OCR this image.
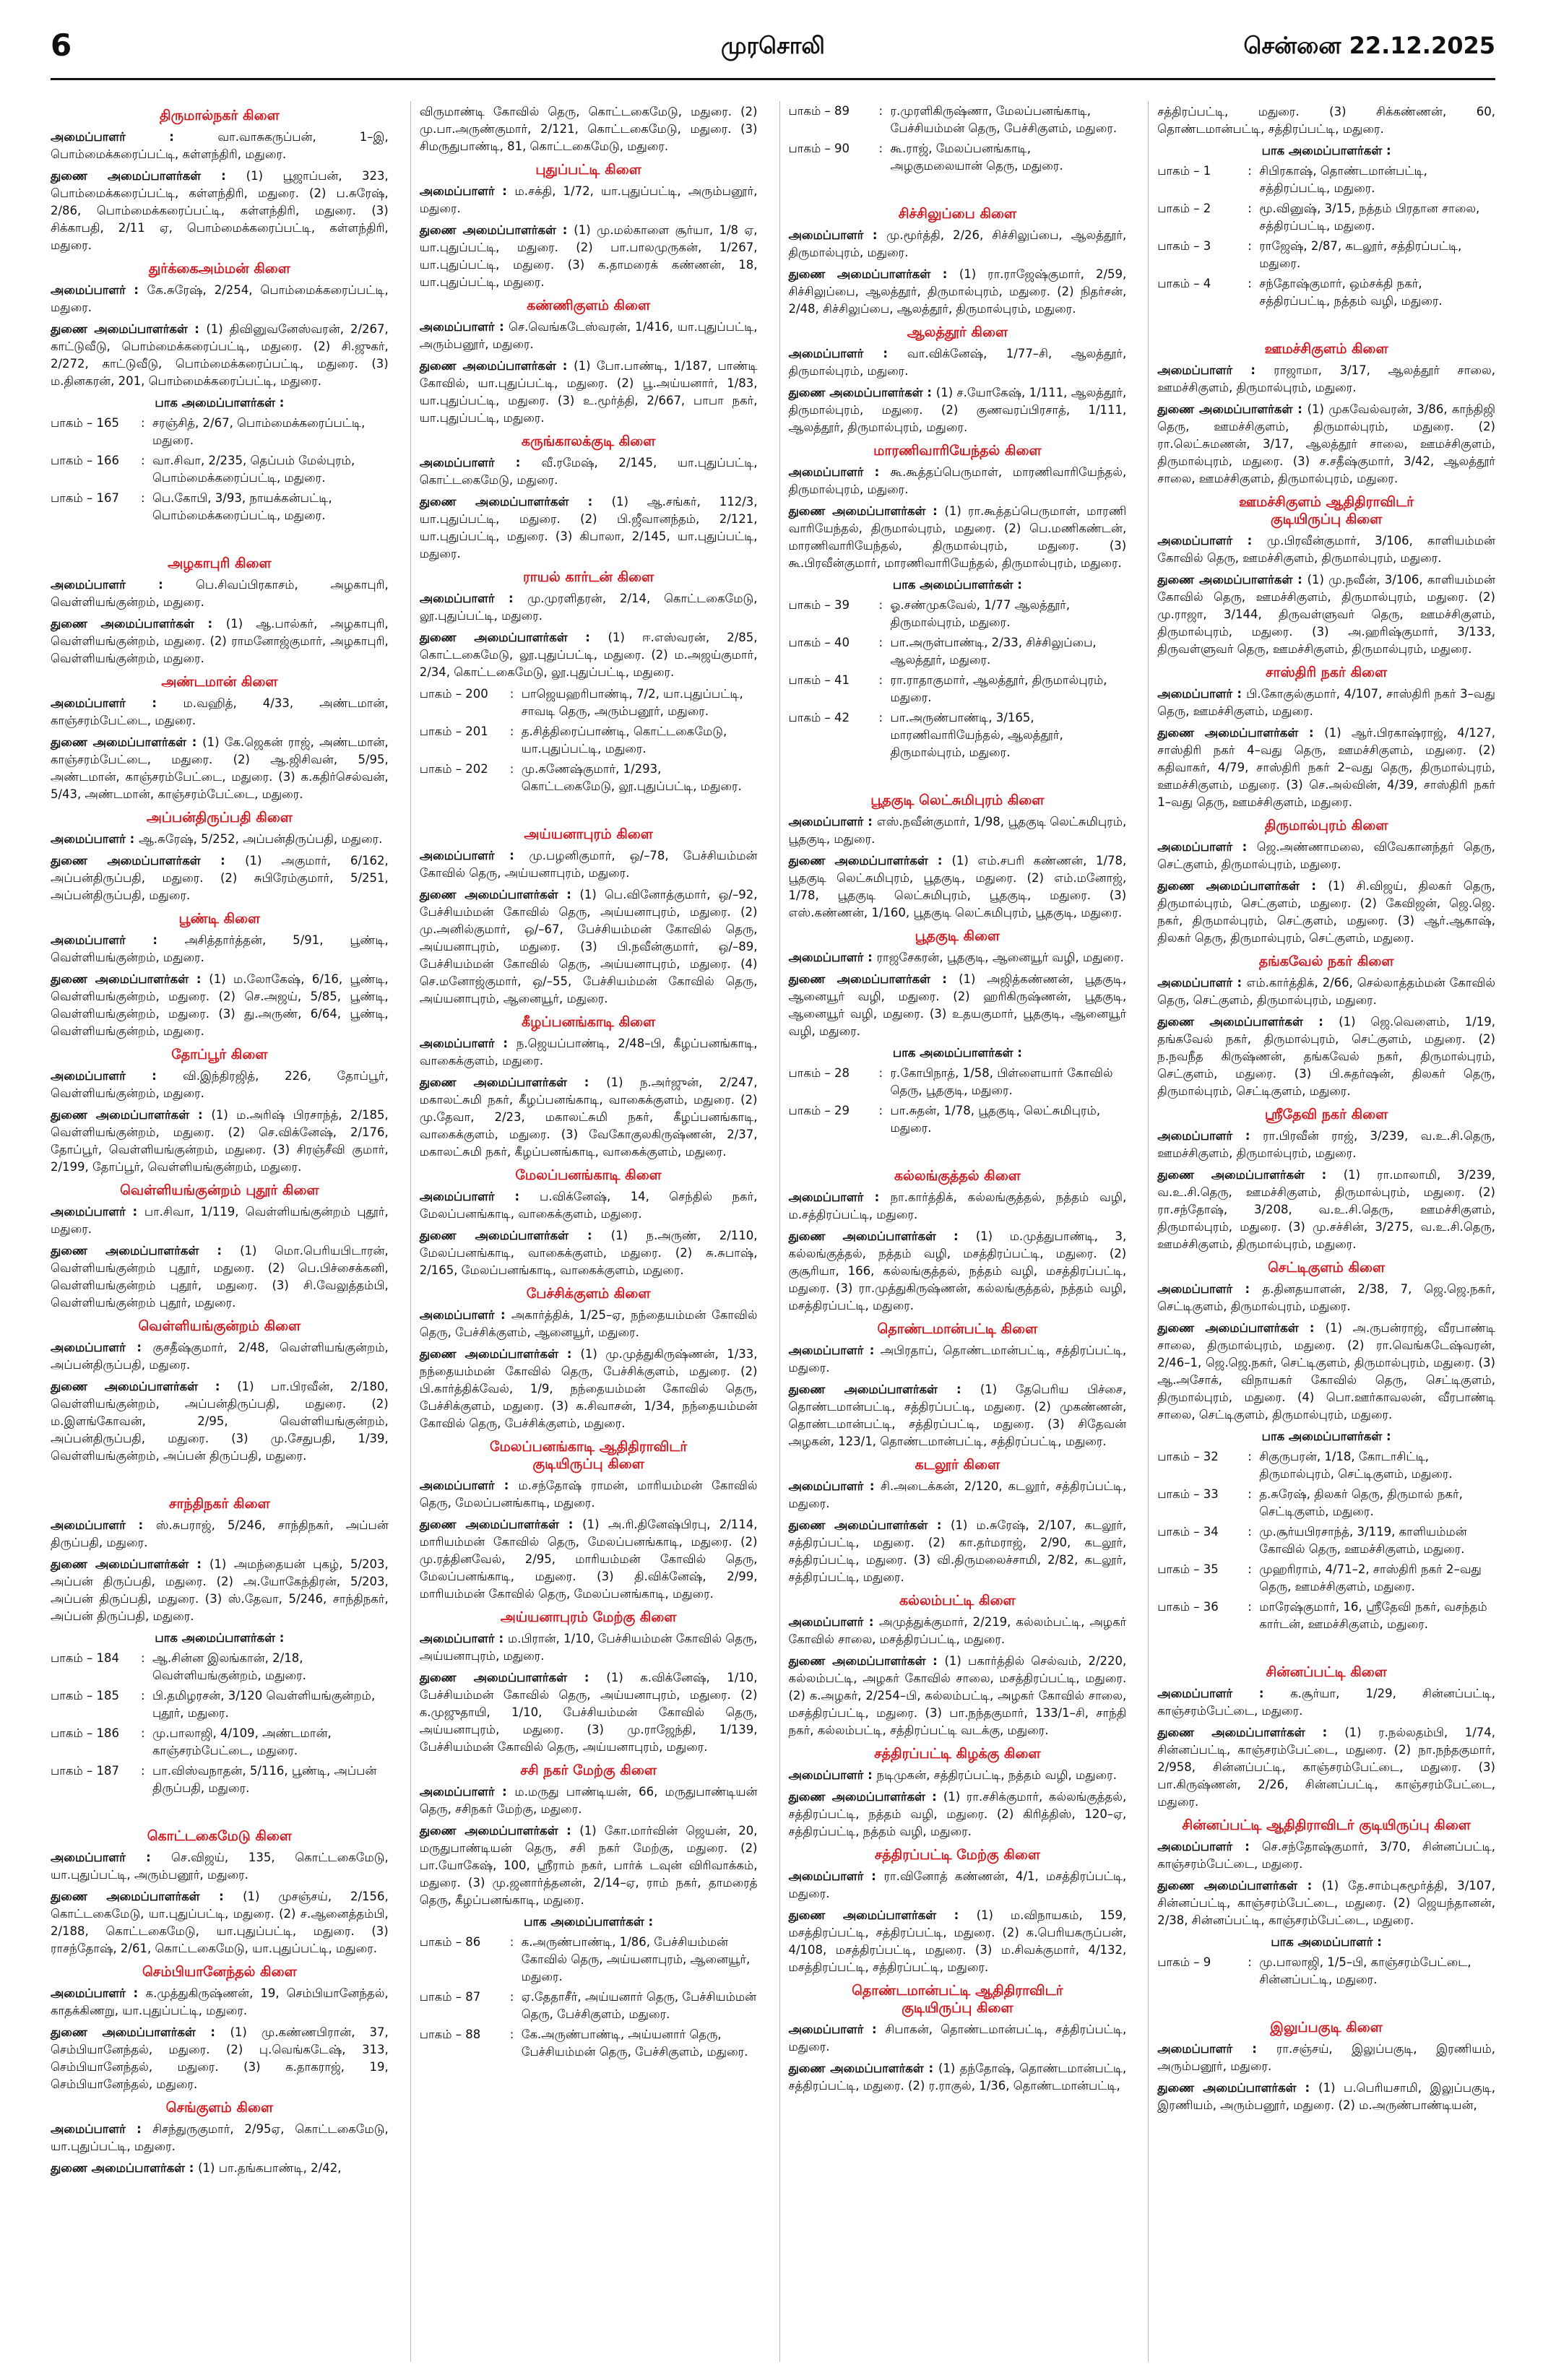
6	முரசொலி	சென்னை 22.12.2025
திருமால்நகர் கிளை
அமைப்பாளர் : வா.வாசுகருப்பன், 1–இ, பொம்மைக்கரைப்பட்டி, கள்ளந்திரி, மதுரை.
துணை அமைப்பாளர்கள் : (1) பூஜாப்பன், 323, பொம்மைக்கரைப்பட்டி, கள்ளந்திரி, மதுரை. (2) ப.சுரேஷ், 2/86, பொம்மைக்கரைப்பட்டி, கள்ளந்திரி, மதுரை. (3) சிக்காபதி, 2/11 ஏ, பொம்மைக்கரைப்பட்டி, கள்ளந்திரி, மதுரை.
துர்க்கைஅம்மன் கிளை
அமைப்பாளர் : கே.சுரேஷ், 2/254, பொம்மைக்கரைப்பட்டி, மதுரை.
துணை அமைப்பாளர்கள் : (1) திவினுவனேஸ்வரன், 2/267, காட்டுவீடு, பொம்மைக்கரைப்பட்டி, மதுரை. (2) சி.ஜுகர், 2/272, காட்டுவீடு, பொம்மைக்கரைப்பட்டி, மதுரை. (3) ம.தினகரன், 201, பொம்மைக்கரைப்பட்டி, மதுரை.
பாக அமைப்பாளர்கள் :
பாகம் – 165	: சரஞ்சித், 2/67, பொம்மைக்கரைப்பட்டி, மதுரை.
பாகம் – 166	: வா.சிவா, 2/235, தெப்பம் மேல்புரம், பொம்மைக்கரைப்பட்டி, மதுரை.
பாகம் – 167	: பெ.கோபி, 3/93, நாயக்கன்பட்டி, பொம்மைக்கரைப்பட்டி, மதுரை.
அழகாபுரி கிளை
அமைப்பாளர் : பெ.சிவப்பிரகாசம், அழகாபுரி, வெள்ளியங்குன்றம், மதுரை.
துணை அமைப்பாளர்கள் : (1) ஆ.பால்கர், அழகாபுரி, வெள்ளியங்குன்றம், மதுரை. (2) ராமனோஜ்குமார், அழகாபுரி, வெள்ளியங்குன்றம், மதுரை.
அண்டமான் கிளை
அமைப்பாளர் : ம.வஹித், 4/33, அண்டமான், காஞ்சரம்பேட்டை, மதுரை.
துணை அமைப்பாளர்கள் : (1) கே.ஜெகன் ராஜ், அண்டமான், காஞ்சரம்பேட்டை, மதுரை. (2) ஆ.ஜிசிவன், 5/95, அண்டமான், காஞ்சரம்பேட்டை, மதுரை. (3) க.கதிர்செல்வன், 5/43, அண்டமான், காஞ்சரம்பேட்டை, மதுரை.
அப்பன்திருப்பதி கிளை
அமைப்பாளர் : ஆ.சுரேஷ், 5/252, அப்பன்திருப்பதி, மதுரை.
துணை அமைப்பாளர்கள் : (1) அகுமார், 6/162, அப்பன்திருப்பதி, மதுரை. (2) சுபிரேம்குமார், 5/251, அப்பன்திருப்பதி, மதுரை.
பூண்டி கிளை
அமைப்பாளர் : அசித்தார்த்தன், 5/91, பூண்டி, வெள்ளியங்குன்றம், மதுரை.
துணை அமைப்பாளர்கள் : (1) ம.லோகேஷ், 6/16, பூண்டி, வெள்ளியங்குன்றம், மதுரை. (2) செ.அஜய், 5/85, பூண்டி, வெள்ளியங்குன்றம், மதுரை. (3) து.அருண், 6/64, பூண்டி, வெள்ளியங்குன்றம், மதுரை.
தோப்பூர் கிளை
அமைப்பாளர் : வி.இந்திரஜித், 226, தோப்பூர், வெள்ளியங்குன்றம், மதுரை.
துணை அமைப்பாளர்கள் : (1) ம.அரிஷ் பிரசாந்த், 2/185, வெள்ளியங்குன்றம், மதுரை. (2) செ.விக்னேஷ், 2/176, தோப்பூர், வெள்ளியங்குன்றம், மதுரை. (3) சிரஞ்சீவி குமார், 2/199, தோப்பூர், வெள்ளியங்குன்றம், மதுரை.
வெள்ளியங்குன்றம் புதூர் கிளை
அமைப்பாளர் : பா.சிவா, 1/119, வெள்ளியங்குன்றம் புதூர், மதுரை.
துணை அமைப்பாளர்கள் : (1) மொ.பெரியபிடாரன், வெள்ளியங்குன்றம் புதூர், மதுரை. (2) பெ.பிச்சைக்கனி, வெள்ளியங்குன்றம் புதூர், மதுரை. (3) சி.வேலுத்தம்பி, வெள்ளியங்குன்றம் புதூர், மதுரை.
வெள்ளியங்குன்றம் கிளை
அமைப்பாளர் : குசதீஷ்குமார், 2/48, வெள்ளியங்குன்றம், அப்பன்திருப்பதி, மதுரை.
துணை அமைப்பாளர்கள் : (1) பா.பிரவீன், 2/180, வெள்ளியங்குன்றம், அப்பன்திருப்பதி, மதுரை. (2) ம.இளங்கோவன், 2/95, வெள்ளியங்குன்றம், அப்பன்திருப்பதி, மதுரை. (3) மு.சேதுபதி, 1/39, வெள்ளியங்குன்றம், அப்பன் திருப்பதி, மதுரை.
சாந்திநகர் கிளை
அமைப்பாளர் : ஸ்.சுபராஜ், 5/246, சாந்திநகர், அப்பன் திருப்பதி, மதுரை.
துணை அமைப்பாளர்கள் : (1) அமந்தையன் புகழ், 5/203, அப்பன் திருப்பதி, மதுரை. (2) அ.யோகேந்திரன், 5/203, அப்பன் திருப்பதி, மதுரை. (3) ஸ்.தேவா, 5/246, சாந்திநகர், அப்பன் திருப்பதி, மதுரை.
பாக அமைப்பாளர்கள் :
பாகம் – 184	: ஆ.சின்ன இலங்கான், 2/18, வெள்ளியங்குன்றம், மதுரை.
பாகம் – 185	: பி.தமிழரசன், 3/120 வெள்ளியங்குன்றம், புதூர், மதுரை.
பாகம் – 186	: மு.பாலாஜி, 4/109, அண்டமான், காஞ்சரம்பேட்டை, மதுரை.
பாகம் – 187	: பா.விஸ்வநாதன், 5/116, பூண்டி, அப்பன் திருப்பதி, மதுரை.
கொட்டகைமேடு கிளை
அமைப்பாளர் : செ.விஜய், 135, கொட்டகைமேடு, யா.புதுப்பட்டி, அரும்பனூர், மதுரை.
துணை அமைப்பாளர்கள் : (1) முசஞ்சய், 2/156, கொட்டகைமேடு, யா.புதுப்பட்டி, மதுரை. (2) ச.ஆனைத்தம்பி, 2/188, கொட்டகைமேடு, யா.புதுப்பட்டி, மதுரை. (3) ராசந்தோஷ், 2/61, கொட்டகைமேடு, யா.புதுப்பட்டி, மதுரை.
செம்பியானேந்தல் கிளை
அமைப்பாளர் : க.முத்துகிருஷ்ணன், 19, செம்பியானேந்தல், காதக்கிணறு, யா.புதுப்பட்டி, மதுரை.
துணை அமைப்பாளர்கள் : (1) மு.கண்ணபிரான், 37, செம்பியானேந்தல், மதுரை. (2) பு.வெங்கடேஷ், 313, செம்பியானேந்தல், மதுரை. (3) க.தாகராஜ், 19, செம்பியானேந்தல், மதுரை.
செங்குளம் கிளை
அமைப்பாளர் : சிசந்துருகுமார், 2/95ஏ, கொட்டகைமேடு, யா.புதுப்பட்டி, மதுரை.
துணை அமைப்பாளர்கள் : (1) பா.தங்கபாண்டி, 2/42,
விருமாண்டி கோவில் தெரு, கொட்டகைமேடு, மதுரை. (2) மு.பா.அருண்குமார், 2/121, கொட்டகைமேடு, மதுரை. (3) சிமருதுபாண்டி, 81, கொட்டகைமேடு, மதுரை.
புதுப்பட்டி கிளை
அமைப்பாளர் : ம.சக்தி, 1/72, யா.புதுப்பட்டி, அரும்பனூர், மதுரை.
துணை அமைப்பாளர்கள் : (1) மு.மல்காளை சூர்யா, 1/8 ஏ, யா.புதுப்பட்டி, மதுரை. (2) பா.பாலமுருகன், 1/267, யா.புதுப்பட்டி, மதுரை. (3) க.தாமரைக் கண்ணன், 18, யா.புதுப்பட்டி, மதுரை.
கண்ணிகுளம் கிளை
அமைப்பாளர் : செ.வெங்கடேஸ்வரன், 1/416, யா.புதுப்பட்டி, அரும்பனூர், மதுரை.
துணை அமைப்பாளர்கள் : (1) போ.பாண்டி, 1/187, பாண்டி கோவில், யா.புதுப்பட்டி, மதுரை. (2) பூ.அய்யனார், 1/83, யா.புதுப்பட்டி, மதுரை. (3) உ.மூர்த்தி, 2/667, பாபா நகர், யா.புதுப்பட்டி, மதுரை.
கருங்காலக்குடி கிளை
அமைப்பாளர் : வீ.ரமேஷ், 2/145, யா.புதுப்பட்டி, கொட்டகைமேடு, மதுரை.
துணை அமைப்பாளர்கள் : (1) ஆ.சங்கர், 112/3, யா.புதுப்பட்டி, மதுரை. (2) பி.ஜீவானந்தம், 2/121, யா.புதுப்பட்டி, மதுரை. (3) கிபாலா, 2/145, யா.புதுப்பட்டி, மதுரை.
ராயல் கார்டன் கிளை
அமைப்பாளர் : மு.முரளிதரன், 2/14, கொட்டகைமேடு, லூ.புதுப்பட்டி, மதுரை.
துணை அமைப்பாளர்கள் : (1) ஈ.எஸ்வரன், 2/85, கொட்டகைமேடு, லூ.புதுப்பட்டி, மதுரை. (2) ம.அஜய்குமார், 2/34, கொட்டகைமேடு, லூ.புதுப்பட்டி, மதுரை.
பாகம் – 200	: பாஜெயஹரிபாண்டி, 7/2, யா.புதுப்பட்டி, சாவடி தெரு, அரும்பனூர், மதுரை.
பாகம் – 201	: த.சித்திரைப்பாண்டி, கொட்டகைமேடு, யா.புதுப்பட்டி, மதுரை.
பாகம் – 202	: மு.கணேஷ்குமார், 1/293, கொட்டகைமேடு, லூ.புதுப்பட்டி, மதுரை.
அய்யனாபுரம் கிளை
அமைப்பாளர் : மு.பழனிகுமார், ஒ/–78, பேச்சியம்மன் கோவில் தெரு, அய்யனாபுரம், மதுரை.
துணை அமைப்பாளர்கள் : (1) பெ.வினோத்குமார், ஒ/–92, பேச்சியம்மன் கோவில் தெரு, அய்யனாபுரம், மதுரை. (2) மு.அனில்குமார், ஒ/–67, பேச்சியம்மன் கோவில் தெரு, அய்யனாபுரம், மதுரை. (3) பி.நவீன்குமார், ஒ/–89, பேச்சியம்மன் கோவில் தெரு, அய்யனாபுரம், மதுரை. (4) செ.மனோஜ்குமார், ஒ/–55, பேச்சியம்மன் கோவில் தெரு, அய்யனாபுரம், ஆனையூர், மதுரை.
கீழப்பனங்காடி கிளை
அமைப்பாளர் : ந.ஜெயப்பாண்டி, 2/48–பி, கீழப்பனங்காடி, வாகைக்குளம், மதுரை.
துணை அமைப்பாளர்கள் : (1) ந.அர்ஜுன், 2/247, மகாலட்சுமி நகர், கீழப்பனங்காடி, வாகைக்குளம், மதுரை. (2) மு.தேவா, 2/23, மகாலட்சுமி நகர், கீழப்பனங்காடி, வாகைக்குளம், மதுரை. (3) வேகோகுலகிருஷ்ணன், 2/37, மகாலட்சுமி நகர், கீழப்பனங்காடி, வாகைக்குளம், மதுரை.
மேலப்பனங்காடி கிளை
அமைப்பாளர் : ப.விக்னேஷ், 14, செந்தில் நகர், மேலப்பனங்காடி, வாகைக்குளம், மதுரை.
துணை அமைப்பாளர்கள் : (1) ந.அருண், 2/110, மேலப்பனங்காடி, வாகைக்குளம், மதுரை. (2) சு.சுபாஷ், 2/165, மேலப்பனங்காடி, வாகைக்குளம், மதுரை.
பேச்சிக்குளம் கிளை
அமைப்பாளர் : அகார்த்திக், 1/25–ஏ, நந்தையம்மன் கோவில் தெரு, பேச்சிக்குளம், ஆனையூர், மதுரை.
துணை அமைப்பாளர்கள் : (1) மு.முத்துகிருஷ்ணன், 1/33, நந்தையம்மன் கோவில் தெரு, பேச்சிக்குளம், மதுரை. (2) பி.கார்த்திக்வேல், 1/9, நந்தையம்மன் கோவில் தெரு, பேச்சிக்குளம், மதுரை. (3) க.சிவாசன், 1/34, நந்தையம்மன் கோவில் தெரு, பேச்சிக்குளம், மதுரை.
மேலப்பனங்காடி ஆதிதிராவிடர்
குடியிருப்பு கிளை
அமைப்பாளர் : ம.சந்தோஷ் ராமன், மாரியம்மன் கோவில் தெரு, மேலப்பனங்காடி, மதுரை.
துணை அமைப்பாளர்கள் : (1) அ.ரி.தினேஷ்பிரபு, 2/114, மாரியம்மன் கோவில் தெரு, மேலப்பனங்காடி, மதுரை. (2) மு.ரத்தினவேல், 2/95, மாரியம்மன் கோவில் தெரு, மேலப்பனங்காடி, மதுரை. (3) தி.விக்னேஷ், 2/99, மாரியம்மன் கோவில் தெரு, மேலப்பனங்காடி, மதுரை.
அய்யனாபுரம் மேற்கு கிளை
அமைப்பாளர் : ம.பிரான், 1/10, பேச்சியம்மன் கோவில் தெரு, அய்யனாபுரம், மதுரை.
துணை அமைப்பாளர்கள் : (1) க.விக்னேஷ், 1/10, பேச்சியம்மன் கோவில் தெரு, அய்யனாபுரம், மதுரை. (2) க.முஜுதாயி, 1/10, பேச்சியம்மன் கோவில் தெரு, அய்யனாபுரம், மதுரை. (3) மு.ராஜேந்தி, 1/139, பேச்சியம்மன் கோவில் தெரு, அய்யனாபுரம், மதுரை.
சசி நகர் மேற்கு கிளை
அமைப்பாளர் : ம.மருது பாண்டியன், 66, மருதுபாண்டியன் தெரு, சசிநகர் மேற்கு, மதுரை.
துணை அமைப்பாளர்கள் : (1) கோ.மார்வின் ஜெயன், 20, மருதுபாண்டியன் தெரு, சசி நகர் மேற்கு, மதுரை. (2) பா.யோகேஷ், 100, ஸ்ரீராம் நகர், பார்க் டவுன் விரிவாக்கம், மதுரை. (3) மு.ஜனார்த்தனன், 2/14–ஏ, ராம் நகர், தாமரைத் தெரு, கீழப்பனங்காடி, மதுரை.
பாக அமைப்பாளர்கள் :
பாகம் – 86	: க.அருண்பாண்டி, 1/86, பேச்சியம்மன் கோவில் தெரு, அய்யனாபுரம், ஆனையூர், மதுரை.
பாகம் – 87	: ஏ.தேதாசீர், அய்யனார் தெரு, பேச்சியம்மன் தெரு, பேச்சிகுளம், மதுரை.
பாகம் – 88	: கே.அருண்பாண்டி, அய்யனார் தெரு, பேச்சியம்மன் தெரு, பேச்சிகுளம், மதுரை.
பாகம் – 89	: ர.முரளிகிருஷ்ணா, மேலப்பனங்காடி, பேச்சியம்மன் தெரு, பேச்சிகுளம், மதுரை.
பாகம் – 90	: கூ.ராஜ், மேலப்பனங்காடி, அழகுமலையான் தெரு, மதுரை.
சிச்சிலுப்பை கிளை
அமைப்பாளர் : மு.மூர்த்தி, 2/26, சிச்சிலுப்பை, ஆலத்தூர், திருமால்புரம், மதுரை.
துணை அமைப்பாளர்கள் : (1) ரா.ராஜேஷ்குமார், 2/59, சிச்சிலுப்பை, ஆலத்தூர், திருமால்புரம், மதுரை. (2) நிதர்சன், 2/48, சிச்சிலுப்பை, ஆலத்தூர், திருமால்புரம், மதுரை.
ஆலத்தூர் கிளை
அமைப்பாளர் : வா.விக்னேஷ், 1/77–சி, ஆலத்தூர், திருமால்புரம், மதுரை.
துணை அமைப்பாளர்கள் : (1) ச.யோகேஷ், 1/111, ஆலத்தூர், திருமால்புரம், மதுரை. (2) குணவரப்பிரசாத், 1/111, ஆலத்தூர், திருமால்புரம், மதுரை.
மாரணிவாரியேந்தல் கிளை
அமைப்பாளர் : கூ.கூத்தப்பெருமாள், மாரணிவாரியேந்தல், திருமால்புரம், மதுரை.
துணை அமைப்பாளர்கள் : (1) ரா.கூத்தப்பெருமாள், மாரணி வாரியேந்தல், திருமால்புரம், மதுரை. (2) பெ.மணிகண்டன், மாரணிவாரியேந்தல், திருமால்புரம், மதுரை. (3) கூ.பிரவீன்குமார், மாரணிவாரியேந்தல், திருமால்புரம், மதுரை.
பாக அமைப்பாளர்கள் :
பாகம் – 39	: ஓ.சண்முகவேல், 1/77 ஆலத்தூர், திருமால்புரம், மதுரை.
பாகம் – 40	: பா.அருள்பாண்டி, 2/33, சிச்சிலுப்பை, ஆலத்தூர், மதுரை.
பாகம் – 41	: ரா.ராதாகுமார், ஆலத்தூர், திருமால்புரம், மதுரை.
பாகம் – 42	: பா.அருண்பாண்டி, 3/165, மாரணிவாரியேந்தல், ஆலத்தூர், திருமால்புரம், மதுரை.
பூதகுடி லெட்சுமிபுரம் கிளை
அமைப்பாளர் : எஸ்.நவீன்குமார், 1/98, பூதகுடி லெட்சுமிபுரம், பூதகுடி, மதுரை.
துணை அமைப்பாளர்கள் : (1) எம்.சபரி கண்ணன், 1/78, பூதகுடி லெட்சுமிபுரம், பூதகுடி, மதுரை. (2) எம்.மனோஜ், 1/78, பூதகுடி லெட்சுமிபுரம், பூதகுடி, மதுரை. (3) எஸ்.கண்ணன், 1/160, பூதகுடி லெட்சுமிபுரம், பூதகுடி, மதுரை.
பூதகுடி கிளை
அமைப்பாளர் : ராஜசேகரன், பூதகுடி, ஆனையூர் வழி, மதுரை.
துணை அமைப்பாளர்கள் : (1) அஜித்கண்ணன், பூதகுடி, ஆனையூர் வழி, மதுரை. (2) ஹரிகிருஷ்ணன், பூதகுடி, ஆனையூர் வழி, மதுரை. (3) உதயகுமார், பூதகுடி, ஆனையூர் வழி, மதுரை.
பாக அமைப்பாளர்கள் :
பாகம் – 28	: ர.கோபிநாத், 1/58, பிள்ளையார் கோவில் தெரு, பூதகுடி, மதுரை.
பாகம் – 29	: பா.சுதன், 1/78, பூதகுடி, லெட்சுமிபுரம், மதுரை.
கல்லங்குத்தல் கிளை
அமைப்பாளர் : நா.கார்த்திக், கல்லங்குத்தல், நத்தம் வழி, ம.சத்திரப்பட்டி, மதுரை.
துணை அமைப்பாளர்கள் : (1) ம.முத்துபாண்டி, 3, கல்லங்குத்தல், நத்தம் வழி, மசத்திரப்பட்டி, மதுரை. (2) குசூரியா, 166, கல்லங்குத்தல், நத்தம் வழி, மசத்திரப்பட்டி, மதுரை. (3) ரா.முத்துகிருஷ்ணன், கல்லங்குத்தல், நத்தம் வழி, மசத்திரப்பட்டி, மதுரை.
தொண்டமான்பட்டி கிளை
அமைப்பாளர் : அபிரதாப், தொண்டமான்பட்டி, சத்திரப்பட்டி, மதுரை.
துணை அமைப்பாளர்கள் : (1) தேபெரிய பிச்சை, தொண்டமான்பட்டி, சத்திரப்பட்டி, மதுரை. (2) முகண்ணன், தொண்டமான்பட்டி, சத்திரப்பட்டி, மதுரை. (3) சிதேவன் அழகன், 123/1, தொண்டமான்பட்டி, சத்திரப்பட்டி, மதுரை.
கடலூர் கிளை
அமைப்பாளர் : சி.அடைக்கன், 2/120, கடலூர், சத்திரப்பட்டி, மதுரை.
துணை அமைப்பாளர்கள் : (1) ம.சுரேஷ், 2/107, கடலூர், சத்திரப்பட்டி, மதுரை. (2) கா.தர்மராஜ், 2/90, கடலூர், சத்திரப்பட்டி, மதுரை. (3) வி.திருமலைச்சாமி, 2/82, கடலூர், சத்திரப்பட்டி, மதுரை.
கல்லம்பட்டி கிளை
அமைப்பாளர் : அமுத்துக்குமார், 2/219, கல்லம்பட்டி, அழகர் கோவில் சாலை, மசத்திரப்பட்டி, மதுரை.
துணை அமைப்பாளர்கள் : (1) பகார்த்தில் செல்வம், 2/220, கல்லம்பட்டி, அழகர் கோவில் சாலை, மசத்திரப்பட்டி, மதுரை. (2) க.அழகர், 2/254–பி, கல்லம்பட்டி, அழகர் கோவில் சாலை, மசத்திரப்பட்டி, மதுரை. (3) பா.நந்தகுமார், 133/1–சி, சாந்தி நகர், கல்லம்பட்டி, சத்திரப்பட்டி வடக்கு, மதுரை.
சத்திரப்பட்டி கிழக்கு கிளை
அமைப்பாளர் : நடிமுகன், சத்திரப்பட்டி, நத்தம் வழி, மதுரை.
துணை அமைப்பாளர்கள் : (1) ரா.சசிக்குமார், கல்லங்குத்தல், சத்திரப்பட்டி, நத்தம் வழி, மதுரை. (2) கிரித்திஸ், 120–ஏ, சத்திரப்பட்டி, நத்தம் வழி, மதுரை.
சத்திரப்பட்டி மேற்கு கிளை
அமைப்பாளர் : ரா.வினோத் கண்ணன், 4/1, மசத்திரப்பட்டி, மதுரை.
துணை அமைப்பாளர்கள் : (1) ம.விநாயகம், 159, மசத்திரப்பட்டி, சத்திரப்பட்டி, மதுரை. (2) க.பெரியகருப்பன், 4/108, மசத்திரப்பட்டி, மதுரை. (3) ம.சிவக்குமார், 4/132, மசத்திரப்பட்டி, சத்திரப்பட்டி, மதுரை.
தொண்டமான்பட்டி ஆதிதிராவிடர்
குடியிருப்பு கிளை
அமைப்பாளர் : சிபாகன், தொண்டமான்பட்டி, சத்திரப்பட்டி, மதுரை.
துணை அமைப்பாளர்கள் : (1) தந்தோஷ், தொண்டமான்பட்டி, சத்திரப்பட்டி, மதுரை. (2) ர.ராகுல், 1/36, தொண்டமான்பட்டி,
சத்திரப்பட்டி, மதுரை. (3) சிக்கண்ணன், 60, தொண்டமான்பட்டி, சத்திரப்பட்டி, மதுரை.
பாக அமைப்பாளர்கள் :
பாகம் – 1	: சிபிரகாஷ், தொண்டமான்பட்டி, சத்திரப்பட்டி, மதுரை.
பாகம் – 2	: மூ.வினுஷ், 3/15, நத்தம் பிரதான சாலை, சத்திரப்பட்டி, மதுரை.
பாகம் – 3	: ராஜேஷ், 2/87, கடலூர், சத்திரப்பட்டி, மதுரை.
பாகம் – 4	: சந்தோஷ்குமார், ஒம்சக்தி நகர், சத்திரப்பட்டி, நத்தம் வழி, மதுரை.
ஊமச்சிகுளம் கிளை
அமைப்பாளர் : ராஜாமா, 3/17, ஆலத்தூர் சாலை, ஊமச்சிகுளம், திருமால்புரம், மதுரை.
துணை அமைப்பாளர்கள் : (1) முகவேல்வரன், 3/86, காந்திஜி தெரு, ஊமச்சிகுளம், திருமால்புரம், மதுரை. (2) ரா.லெட்சுமணன், 3/17, ஆலத்தூர் சாலை, ஊமச்சிகுளம், திருமால்புரம், மதுரை. (3) ச.சதீஷ்குமார், 3/42, ஆலத்தூர் சாலை, ஊமச்சிகுளம், திருமால்புரம், மதுரை.
ஊமச்சிகுளம் ஆதிதிராவிடர்
குடியிருப்பு கிளை
அமைப்பாளர் : மு.பிரவீன்குமார், 3/106, காளியம்மன் கோவில் தெரு, ஊமச்சிகுளம், திருமால்புரம், மதுரை.
துணை அமைப்பாளர்கள் : (1) மு.நவீன், 3/106, காளியம்மன் கோவில் தெரு, ஊமச்சிகுளம், திருமால்புரம், மதுரை. (2) மு.ராஜா, 3/144, திருவள்ளுவர் தெரு, ஊமச்சிகுளம், திருமால்புரம், மதுரை. (3) அ.ஹரிஷ்குமார், 3/133, திருவள்ளுவர் தெரு, ஊமச்சிகுளம், திருமால்புரம், மதுரை.
சாஸ்திரி நகர் கிளை
அமைப்பாளர் : பி.கோகுல்குமார், 4/107, சாஸ்திரி நகர் 3–வது தெரு, ஊமச்சிகுளம், மதுரை.
துணை அமைப்பாளர்கள் : (1) ஆர்.பிரகாஷ்ராஜ், 4/127, சாஸ்திரி நகர் 4–வது தெரு, ஊமச்சிகுளம், மதுரை. (2) கதிவாகர், 4/79, சாஸ்திரி நகர் 2–வது தெரு, திருமால்புரம், ஊமச்சிகுளம், மதுரை. (3) செ.அல்வின், 4/39, சாஸ்திரி நகர் 1–வது தெரு, ஊமச்சிகுளம், மதுரை.
திருமால்புரம் கிளை
அமைப்பாளர் : ஜெ.அண்ணாமலை, விவேகானந்தர் தெரு, செட்குளம், திருமால்புரம், மதுரை.
துணை அமைப்பாளர்கள் : (1) சி.விஜய், திலகர் தெரு, திருமால்புரம், செட்குளம், மதுரை. (2) கேவிஜன், ஜெ.ஜெ. நகர், திருமால்புரம், செட்குளம், மதுரை. (3) ஆர்.ஆகாஷ், திலகர் தெரு, திருமால்புரம், செட்குளம், மதுரை.
தங்கவேல் நகர் கிளை
அமைப்பாளர் : எம்.கார்த்திக், 2/66, செல்லாத்தம்மன் கோவில் தெரு, செட்குளம், திருமால்புரம், மதுரை.
துணை அமைப்பாளர்கள் : (1) ஜெ.வெளைம், 1/19, தங்கவேல் நகர், திருமால்புரம், செட்குளம், மதுரை. (2) ந.நவநீத கிருஷ்ணன், தங்கவேல் நகர், திருமால்புரம், செட்குளம், மதுரை. (3) பி.சுதர்ஷன், திலகர் தெரு, திருமால்புரம், செட்டிகுளம், மதுரை.
ஸ்ரீதேவி நகர் கிளை
அமைப்பாளர் : ரா.பிரவீன் ராஜ், 3/239, வ.உ.சி.தெரு, ஊமச்சிகுளம், திருமால்புரம், மதுரை.
துணை அமைப்பாளர்கள் : (1) ரா.மாலாமி, 3/239, வ.உ.சி.தெரு, ஊமச்சிகுளம், திருமால்புரம், மதுரை. (2) ரா.சந்தோஷ், 3/208, வ.உ.சி.தெரு, ஊமச்சிகுளம், திருமால்புரம், மதுரை. (3) மு.சச்சின், 3/275, வ.உ.சி.தெரு, ஊமச்சிகுளம், திருமால்புரம், மதுரை.
செட்டிகுளம் கிளை
அமைப்பாளர் : த.தினதயாளன், 2/38, 7, ஜெ.ஜெ.நகர், செட்டிகுளம், திருமால்புரம், மதுரை.
துணை அமைப்பாளர்கள் : (1) அ.ருபன்ராஜ், வீரபாண்டி சாலை, திருமால்புரம், மதுரை. (2) ரா.வெங்கடேஷ்வரன், 2/46–1, ஜெ.ஜெ.நகர், செட்டிகுளம், திருமால்புரம், மதுரை. (3) ஆ.அசோக், விநாயகர் கோவில் தெரு, செட்டிகுளம், திருமால்புரம், மதுரை. (4) பொ.ஊர்காவலன், வீரபாண்டி சாலை, செட்டிகுளம், திருமால்புரம், மதுரை.
பாக அமைப்பாளர்கள் :
பாகம் – 32	: சிகுருபரன், 1/18, கோடாசிட்டி, திருமால்புரம், செட்டிகுளம், மதுரை.
பாகம் – 33	: த.சுரேஷ், திலகர் தெரு, திருமால் நகர், செட்டிகுளம், மதுரை.
பாகம் – 34	: மு.சூர்யபிரசாந்த், 3/119, காளியம்மன் கோவில் தெரு, ஊமச்சிகுளம், மதுரை.
பாகம் – 35	: முஹரிராம், 4/71–2, சாஸ்திரி நகர் 2–வது தெரு, ஊமச்சிகுளம், மதுரை.
பாகம் – 36	: மாரேஷ்குமார், 16, ஸ்ரீதேவி நகர், வசந்தம் கார்டன், ஊமச்சிகுளம், மதுரை.
சின்னப்பட்டி கிளை
அமைப்பாளர் : க.சூர்யா, 1/29, சின்னப்பட்டி, காஞ்சரம்பேட்டை, மதுரை.
துணை அமைப்பாளர்கள் : (1) ர.நல்லதம்பி, 1/74, சின்னப்பட்டி, காஞ்சரம்பேட்டை, மதுரை. (2) நா.நந்தகுமார், 2/958, சின்னப்பட்டி, காஞ்சரம்பேட்டை, மதுரை. (3) பா.கிருஷ்ணன், 2/26, சின்னப்பட்டி, காஞ்சரம்பேட்டை, மதுரை.
சின்னப்பட்டி ஆதிதிராவிடர் குடியிருப்பு கிளை
அமைப்பாளர் : செ.சந்தோஷ்குமார், 3/70, சின்னப்பட்டி, காஞ்சரம்பேட்டை, மதுரை.
துணை அமைப்பாளர்கள் : (1) தே.சாம்புகமூர்த்தி, 3/107, சின்னப்பட்டி, காஞ்சரம்பேட்டை, மதுரை. (2) ஜெயந்தானன், 2/38, சின்னப்பட்டி, காஞ்சரம்பேட்டை, மதுரை.
பாக அமைப்பாளர் :
பாகம் – 9	: மு.பாலாஜி, 1/5–பி, காஞ்சரம்பேட்டை, சின்னப்பட்டி, மதுரை.
இலுப்பகுடி கிளை
அமைப்பாளர் : ரா.சஞ்சய், இலுப்பகுடி, இரணியம், அரும்பனூர், மதுரை.
துணை அமைப்பாளர்கள் : (1) ப.பெரியசாமி, இலுப்பகுடி, இரணியம், அரும்பனூர், மதுரை. (2) ம.அருண்பாண்டியன்,
